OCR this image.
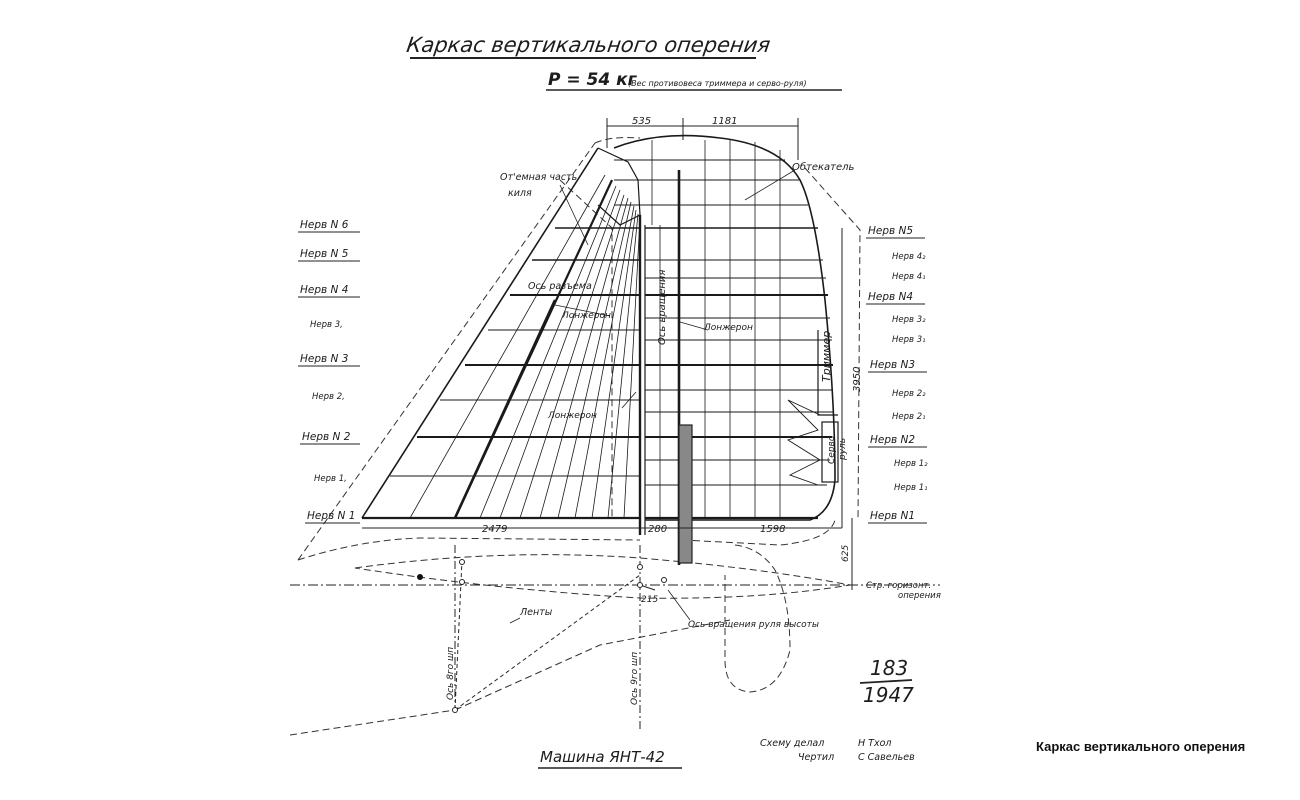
Каркас вертикального оперения
P = 54 кг
(Вес противовеса триммера и серво-руля)
535	1181
2479	280	1598
3950
625
215
От'емная часть
киля
Обтекатель
Ось разъема
Лонжерон
Лонжерон
Лонжерон
Ось вращения
Триммер
Серво руль
Ленты
Ось вращения руля высоты
Стр. горизонт.
оперения
Ось 8го шп	Ось 9го шп
Нерв N 6
Нерв N 5
Нерв N 4
Нерв 3,
Нерв N 3
Нерв 2,
Нерв N 2
Нерв 1,
Нерв N 1
Нерв N5
Нерв 4₂
Нерв 4₁
Нерв N4
Нерв 3₂
Нерв 3₁
Нерв N3
Нерв 2₂
Нерв 2₁
Нерв N2
Нерв 1₂
Нерв 1₁
Нерв N1
183
1947
Машина ЯНТ-42
Схему делал	Н Тхол
Чертил	С Савельев
Каркас вертикального оперения
